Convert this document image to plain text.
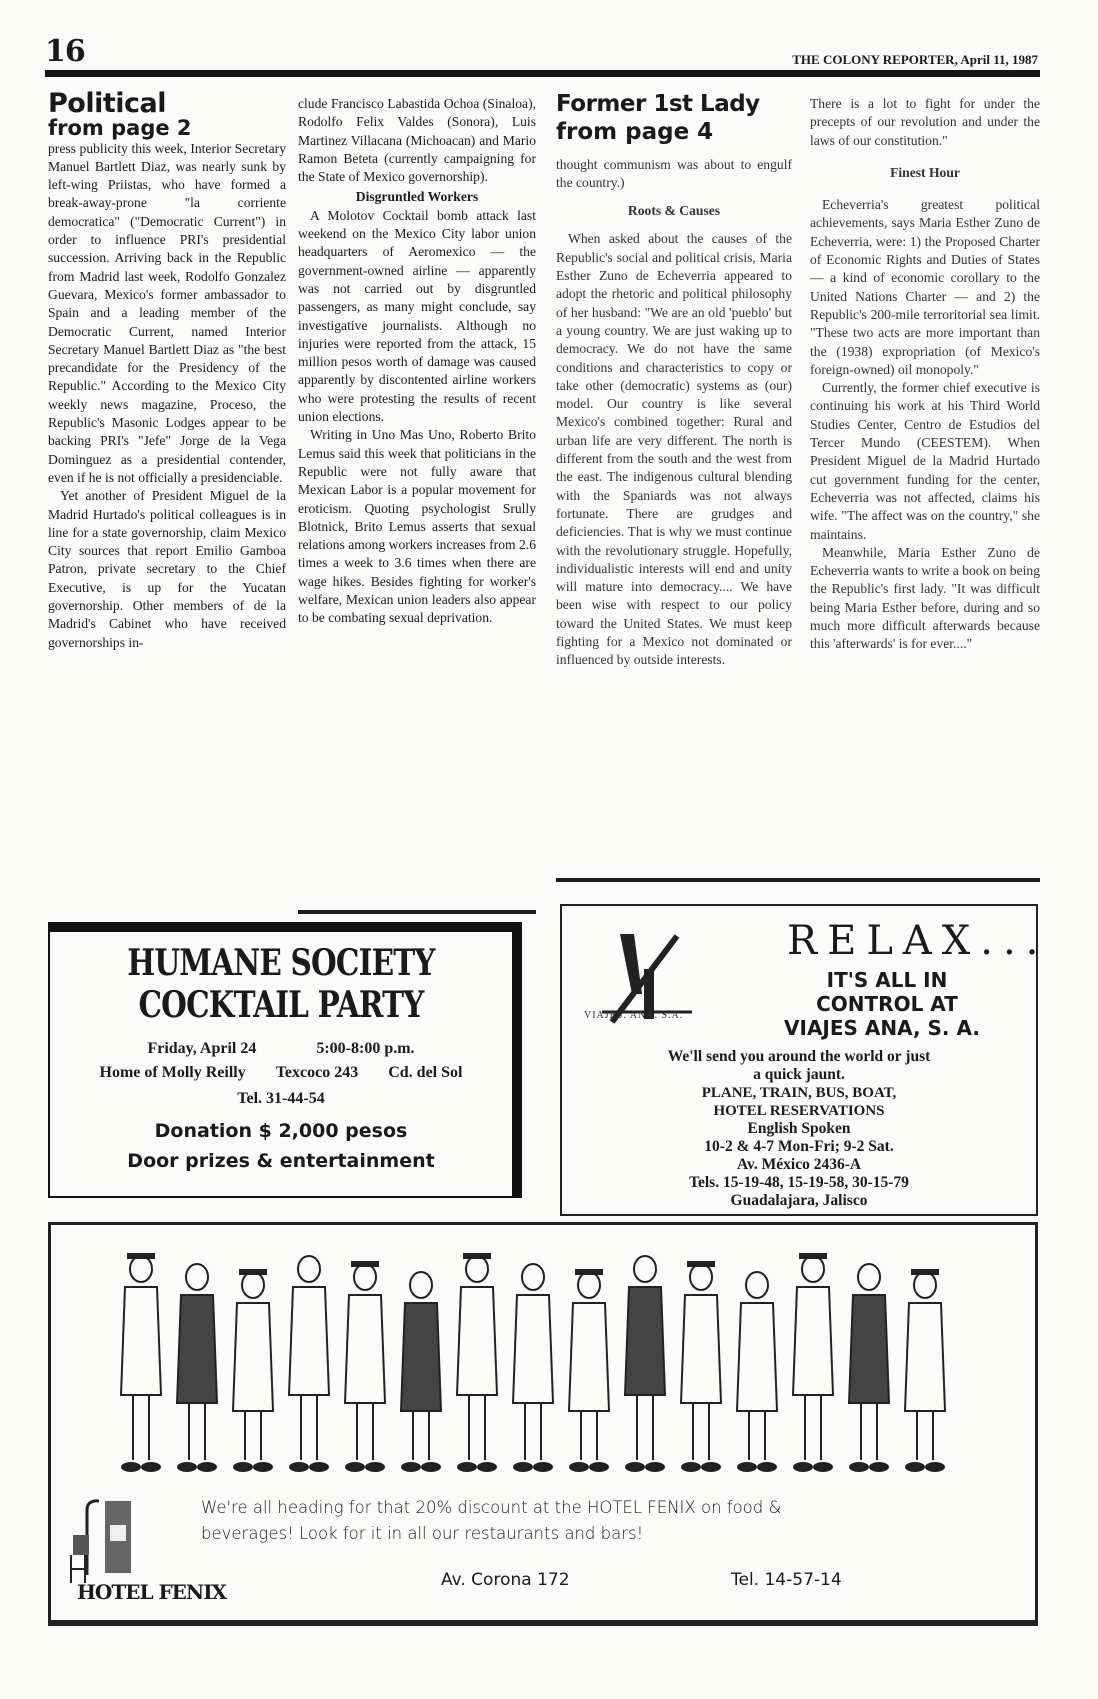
16	THE COLONY REPORTER, April 11, 1987
Political
from page 2

press publicity this week, Interior Secretary Manuel Bartlett Diaz, was nearly sunk by left-wing Priistas, who have formed a break-away-prone "la corriente democratica" ("Democratic Current") in order to influence PRI's presidential succession. Arriving back in the Republic from Madrid last week, Rodolfo Gonzalez Guevara, Mexico's former ambassador to Spain and a leading member of the Democratic Current, named Interior Secretary Manuel Bartlett Diaz as "the best precandidate for the Presidency of the Republic." According to the Mexico City weekly news magazine, Proceso, the Republic's Masonic Lodges appear to be backing PRI's "Jefe" Jorge de la Vega Dominguez as a presidential contender, even if he is not officially a presidenciable.

Yet another of President Miguel de la Madrid Hurtado's political colleagues is in line for a state governorship, claim Mexico City sources that report Emilio Gamboa Patron, private secretary to the Chief Executive, is up for the Yucatan governorship. Other members of de la Madrid's Cabinet who have received governorships in-

clude Francisco Labastida Ochoa (Sinaloa), Rodolfo Felix Valdes (Sonora), Luis Martinez Villacana (Michoacan) and Mario Ramon Beteta (currently campaigning for the State of Mexico governorship).

Disgruntled Workers

A Molotov Cocktail bomb attack last weekend on the Mexico City labor union headquarters of Aeromexico — the government-owned airline — apparently was not carried out by disgruntled passengers, as many might conclude, say investigative journalists. Although no injuries were reported from the attack, 15 million pesos worth of damage was caused apparently by discontented airline workers who were protesting the results of recent union elections.

Writing in Uno Mas Uno, Roberto Brito Lemus said this week that politicians in the Republic were not fully aware that Mexican Labor is a popular movement for eroticism. Quoting psychologist Srully Blotnick, Brito Lemus asserts that sexual relations among workers increases from 2.6 times a week to 3.6 times when there are wage hikes. Besides fighting for worker's welfare, Mexican union leaders also appear to be combating sexual deprivation.

Former 1st Lady
from page 4

thought communism was about to engulf the country.)

Roots & Causes

When asked about the causes of the Republic's social and political crisis, Maria Esther Zuno de Echeverria appeared to adopt the rhetoric and political philosophy of her husband: "We are an old 'pueblo' but a young country. We are just waking up to democracy. We do not have the same conditions and characteristics to copy or take other (democratic) systems as (our) model. Our country is like several Mexico's combined together: Rural and urban life are very different. The north is different from the south and the west from the east. The indigenous cultural blending with the Spaniards was not always fortunate. There are grudges and deficiencies. That is why we must continue with the revolutionary struggle. Hopefully, individualistic interests will end and unity will mature into democracy.... We have been wise with respect to our policy toward the United States. We must keep fighting for a Mexico not dominated or influenced by outside interests.

There is a lot to fight for under the precepts of our revolution and under the laws of our constitution."

Finest Hour

Echeverria's greatest political achievements, says Maria Esther Zuno de Echeverria, were: 1) the Proposed Charter of Economic Rights and Duties of States — a kind of economic corollary to the United Nations Charter — and 2) the Republic's 200-mile terroritorial sea limit. "These two acts are more important than the (1938) expropriation (of Mexico's foreign-owned) oil monopoly."

Currently, the former chief executive is continuing his work at his Third World Studies Center, Centro de Estudios del Tercer Mundo (CEESTEM). When President Miguel de la Madrid Hurtado cut government funding for the center, Echeverria was not affected, claims his wife. "The affect was on the country," she maintains.

Meanwhile, Maria Esther Zuno de Echeverria wants to write a book on being the Republic's first lady. "It was difficult being Maria Esther before, during and so much more difficult afterwards because this 'afterwards' is for ever...."

HUMANE SOCIETY
COCKTAIL PARTY
Friday, April 24	5:00-8:00 p.m.
Home of Molly Reilly Texcoco 243 Cd. del Sol
Tel. 31-44-54
Donation $ 2,000 pesos
Door prizes & entertainment
VIAJES. ANA. S.A.
RELAX...
IT'S ALL IN
CONTROL AT
VIAJES ANA, S. A.
We'll send you around the world or just
a quick jaunt.
PLANE, TRAIN, BUS, BOAT,
HOTEL RESERVATIONS
English Spoken
10-2 & 4-7 Mon-Fri; 9-2 Sat.
Av. México 2436-A
Tels. 15-19-48, 15-19-58, 30-15-79
Guadalajara, Jalisco
We're all heading for that 20% discount at the HOTEL FENIX on food &
beverages! Look for it in all our restaurants and bars!
Av. Corona 172	Tel. 14-57-14
HOTEL FENIX
